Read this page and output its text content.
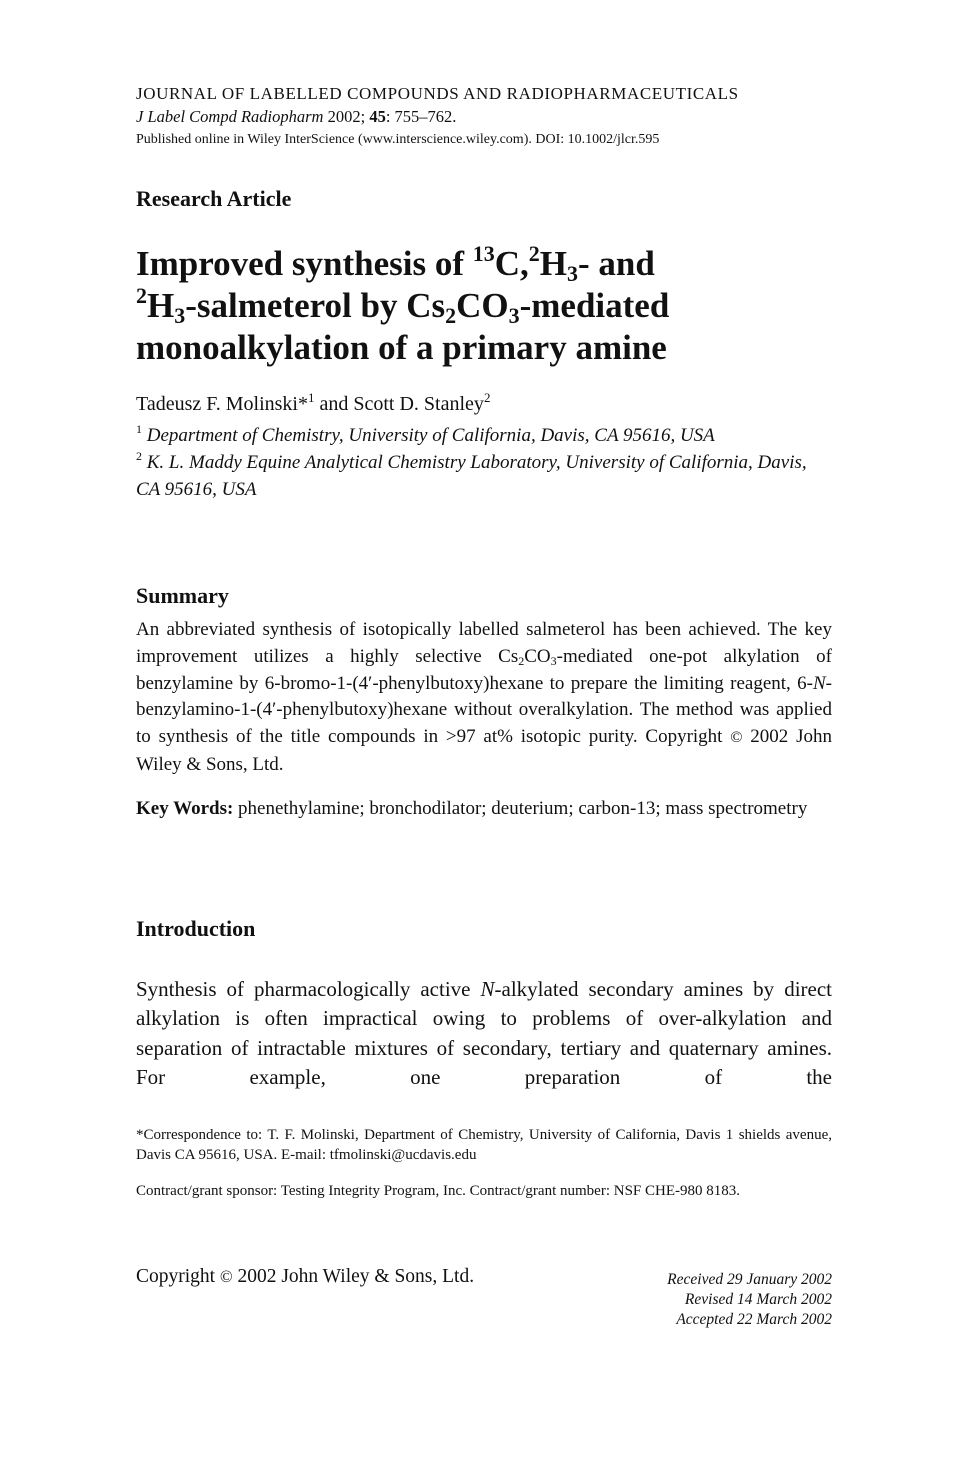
JOURNAL OF LABELLED COMPOUNDS AND RADIOPHARMACEUTICALS
J Label Compd Radiopharm 2002; 45: 755–762.
Published online in Wiley InterScience (www.interscience.wiley.com). DOI: 10.1002/jlcr.595
Research Article
Improved synthesis of $^{13}C,^2H_3-$ and
$^2H_3$-salmeterol by $Cs_2CO_3$-mediated
monoalkylation of a primary amine
Tadeusz F. Molinski*$^1$ and Scott D. Stanley$^2$
$^1$ Department of Chemistry, University of California, Davis, CA 95616, USA
$^2$ K. L. Maddy Equine Analytical Chemistry Laboratory, University of California, Davis, CA 95616, USA
Summary
An abbreviated synthesis of isotopically labelled salmeterol has been achieved. The key improvement utilizes a highly selective $Cs_2CO_3$-mediated one-pot alkylation of benzylamine by 6-bromo-1-(4′-phenylbutoxy)hexane to prepare the limiting reagent, 6-N-benzylamino-1-(4′-phenylbutoxy)hexane without overalkylation. The method was applied to synthesis of the title compounds in >97 at% isotopic purity. Copyright © 2002 John Wiley & Sons, Ltd.
Key Words: phenethylamine; bronchodilator; deuterium; carbon-13; mass spectrometry
Introduction
Synthesis of pharmacologically active N-alkylated secondary amines by direct alkylation is often impractical owing to problems of over-alkylation and separation of intractable mixtures of secondary, tertiary and quaternary amines. For example, one preparation of the
*Correspondence to: T. F. Molinski, Department of Chemistry, University of California, Davis 1 shields avenue, Davis CA 95616, USA. E-mail: tfmolinski@ucdavis.edu
Contract/grant sponsor: Testing Integrity Program, Inc. Contract/grant number: NSF CHE-980 8183.
Copyright © 2002 John Wiley & Sons, Ltd.	Received 29 January 2002
Revised 14 March 2002
Accepted 22 March 2002
